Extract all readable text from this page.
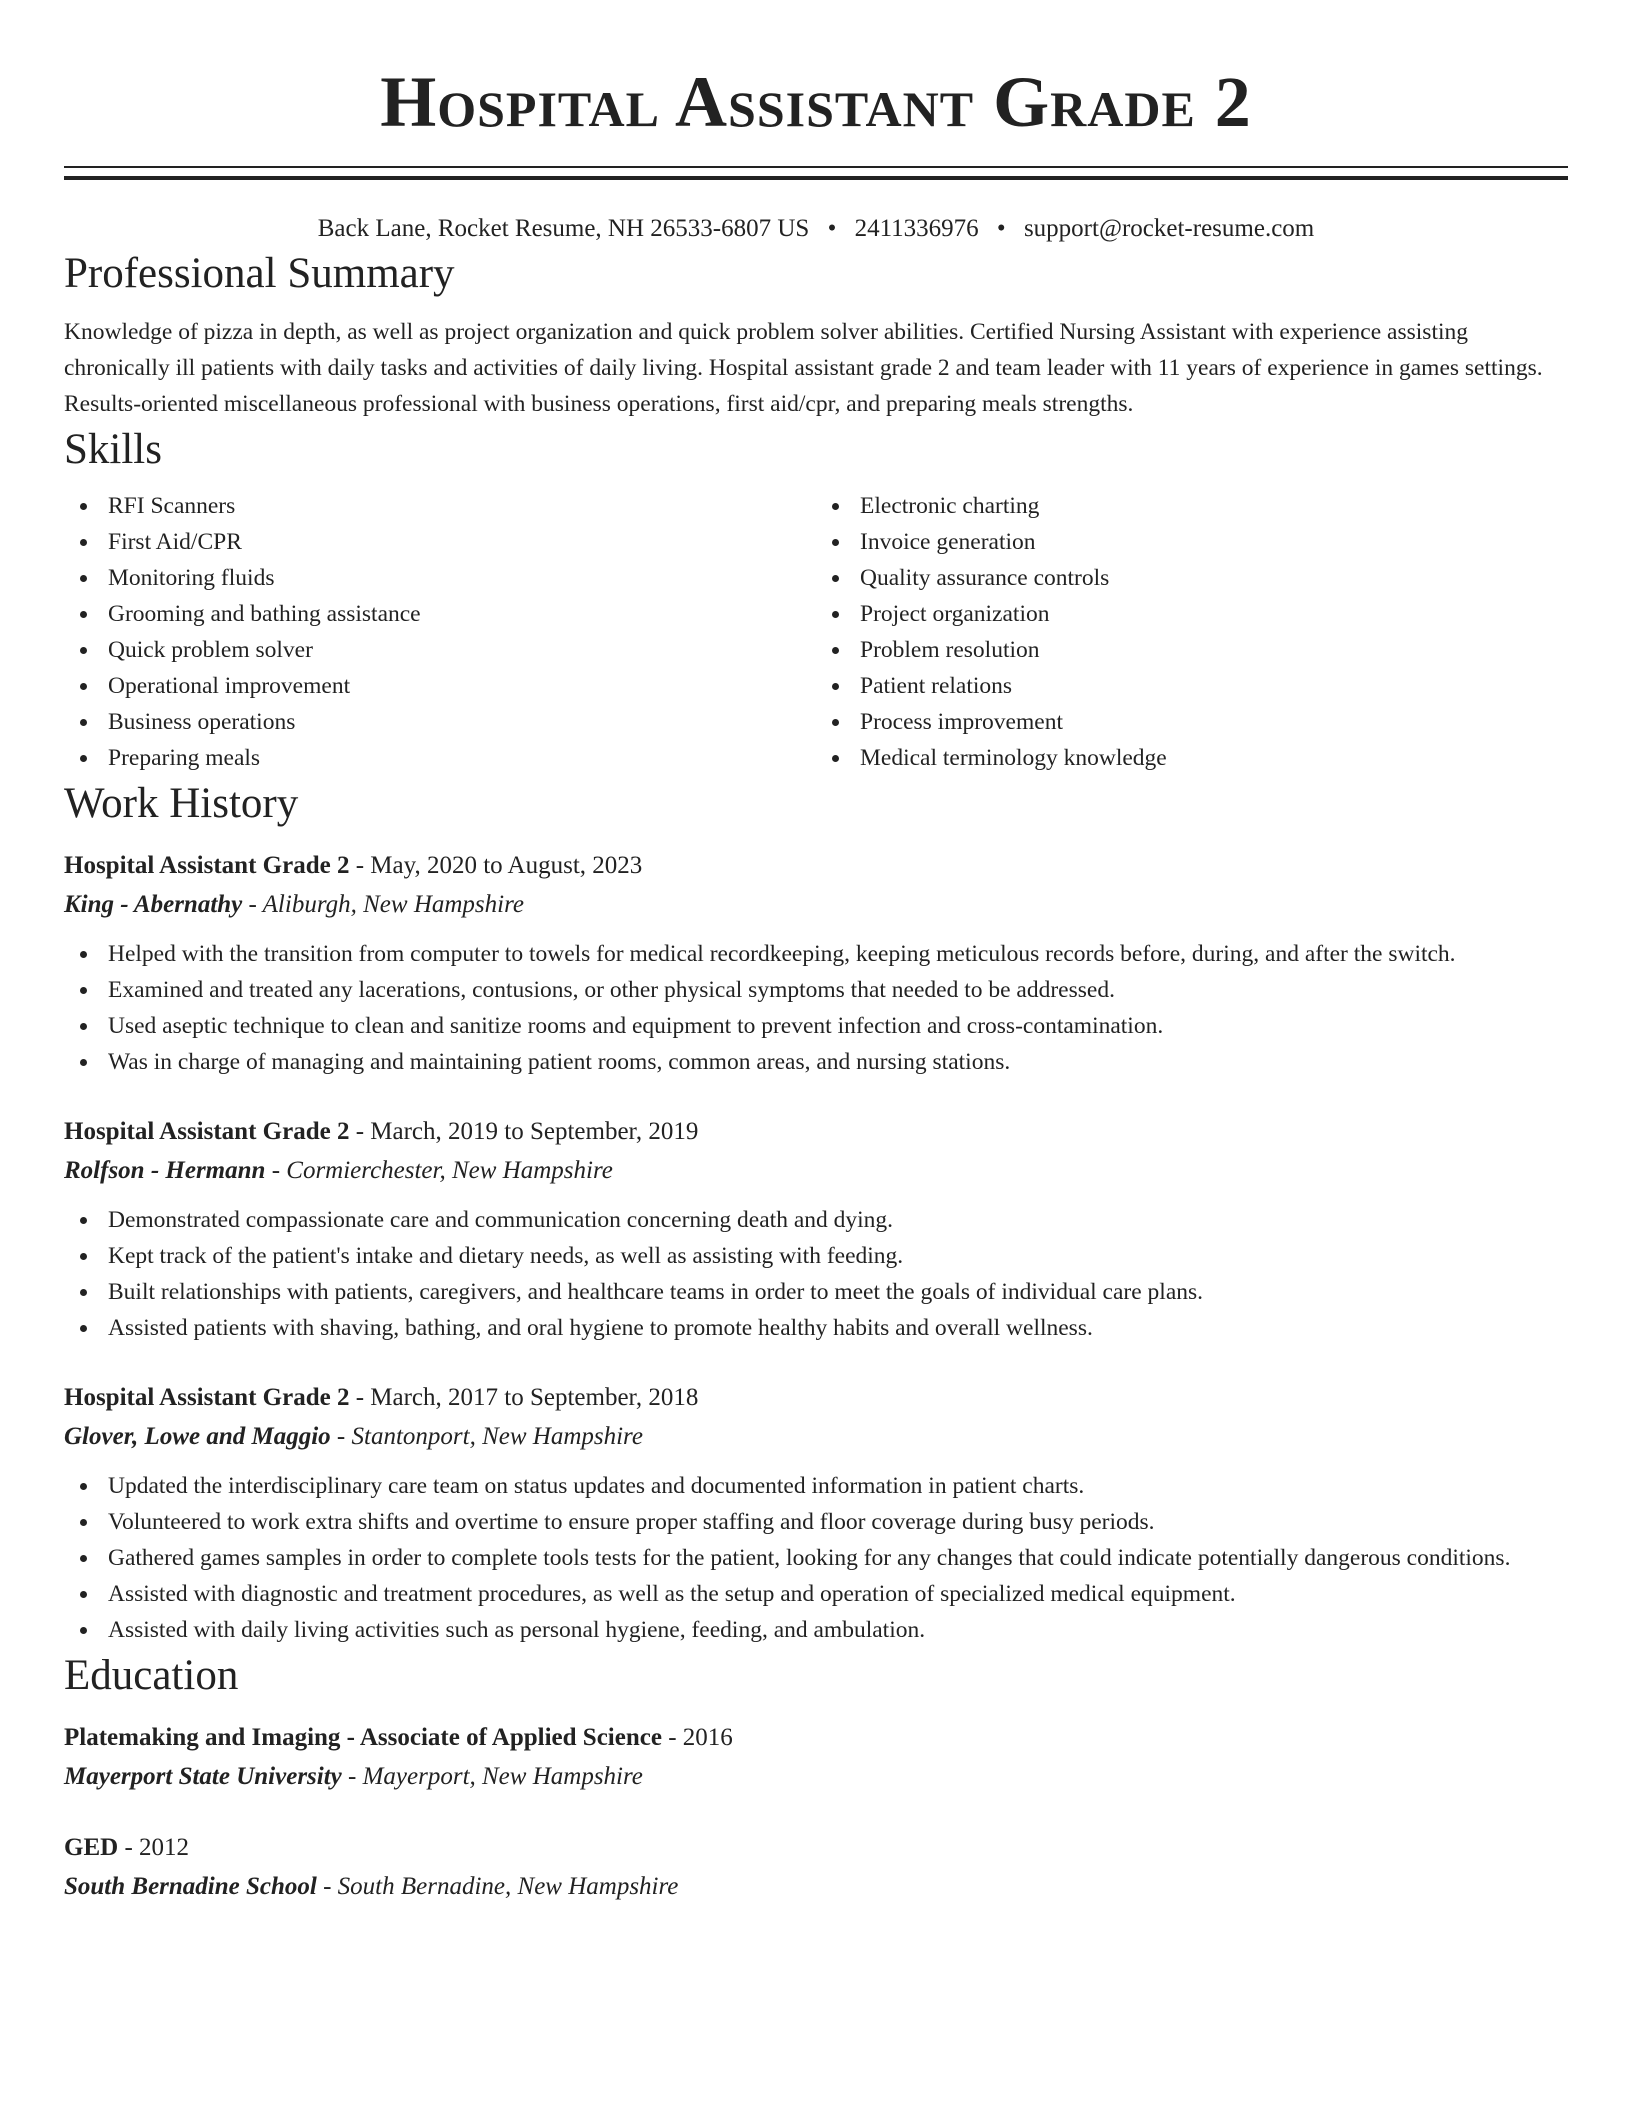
Hospital Assistant Grade 2
Back Lane, Rocket Resume, NH 26533-6807 US • 2411336976 • support@rocket-resume.com
Professional Summary
Knowledge of pizza in depth, as well as project organization and quick problem solver abilities. Certified Nursing Assistant with experience assisting chronically ill patients with daily tasks and activities of daily living. Hospital assistant grade 2 and team leader with 11 years of experience in games settings. Results-oriented miscellaneous professional with business operations, first aid/cpr, and preparing meals strengths.
Skills
RFI Scanners
First Aid/CPR
Monitoring fluids
Grooming and bathing assistance
Quick problem solver
Operational improvement
Business operations
Preparing meals
Electronic charting
Invoice generation
Quality assurance controls
Project organization
Problem resolution
Patient relations
Process improvement
Medical terminology knowledge
Work History
Hospital Assistant Grade 2 - May, 2020 to August, 2023
King - Abernathy - Aliburgh, New Hampshire
Helped with the transition from computer to towels for medical recordkeeping, keeping meticulous records before, during, and after the switch.
Examined and treated any lacerations, contusions, or other physical symptoms that needed to be addressed.
Used aseptic technique to clean and sanitize rooms and equipment to prevent infection and cross-contamination.
Was in charge of managing and maintaining patient rooms, common areas, and nursing stations.
Hospital Assistant Grade 2 - March, 2019 to September, 2019
Rolfson - Hermann - Cormierchester, New Hampshire
Demonstrated compassionate care and communication concerning death and dying.
Kept track of the patient's intake and dietary needs, as well as assisting with feeding.
Built relationships with patients, caregivers, and healthcare teams in order to meet the goals of individual care plans.
Assisted patients with shaving, bathing, and oral hygiene to promote healthy habits and overall wellness.
Hospital Assistant Grade 2 - March, 2017 to September, 2018
Glover, Lowe and Maggio - Stantonport, New Hampshire
Updated the interdisciplinary care team on status updates and documented information in patient charts.
Volunteered to work extra shifts and overtime to ensure proper staffing and floor coverage during busy periods.
Gathered games samples in order to complete tools tests for the patient, looking for any changes that could indicate potentially dangerous conditions.
Assisted with diagnostic and treatment procedures, as well as the setup and operation of specialized medical equipment.
Assisted with daily living activities such as personal hygiene, feeding, and ambulation.
Education
Platemaking and Imaging - Associate of Applied Science - 2016
Mayerport State University - Mayerport, New Hampshire
GED - 2012
South Bernadine School - South Bernadine, New Hampshire
